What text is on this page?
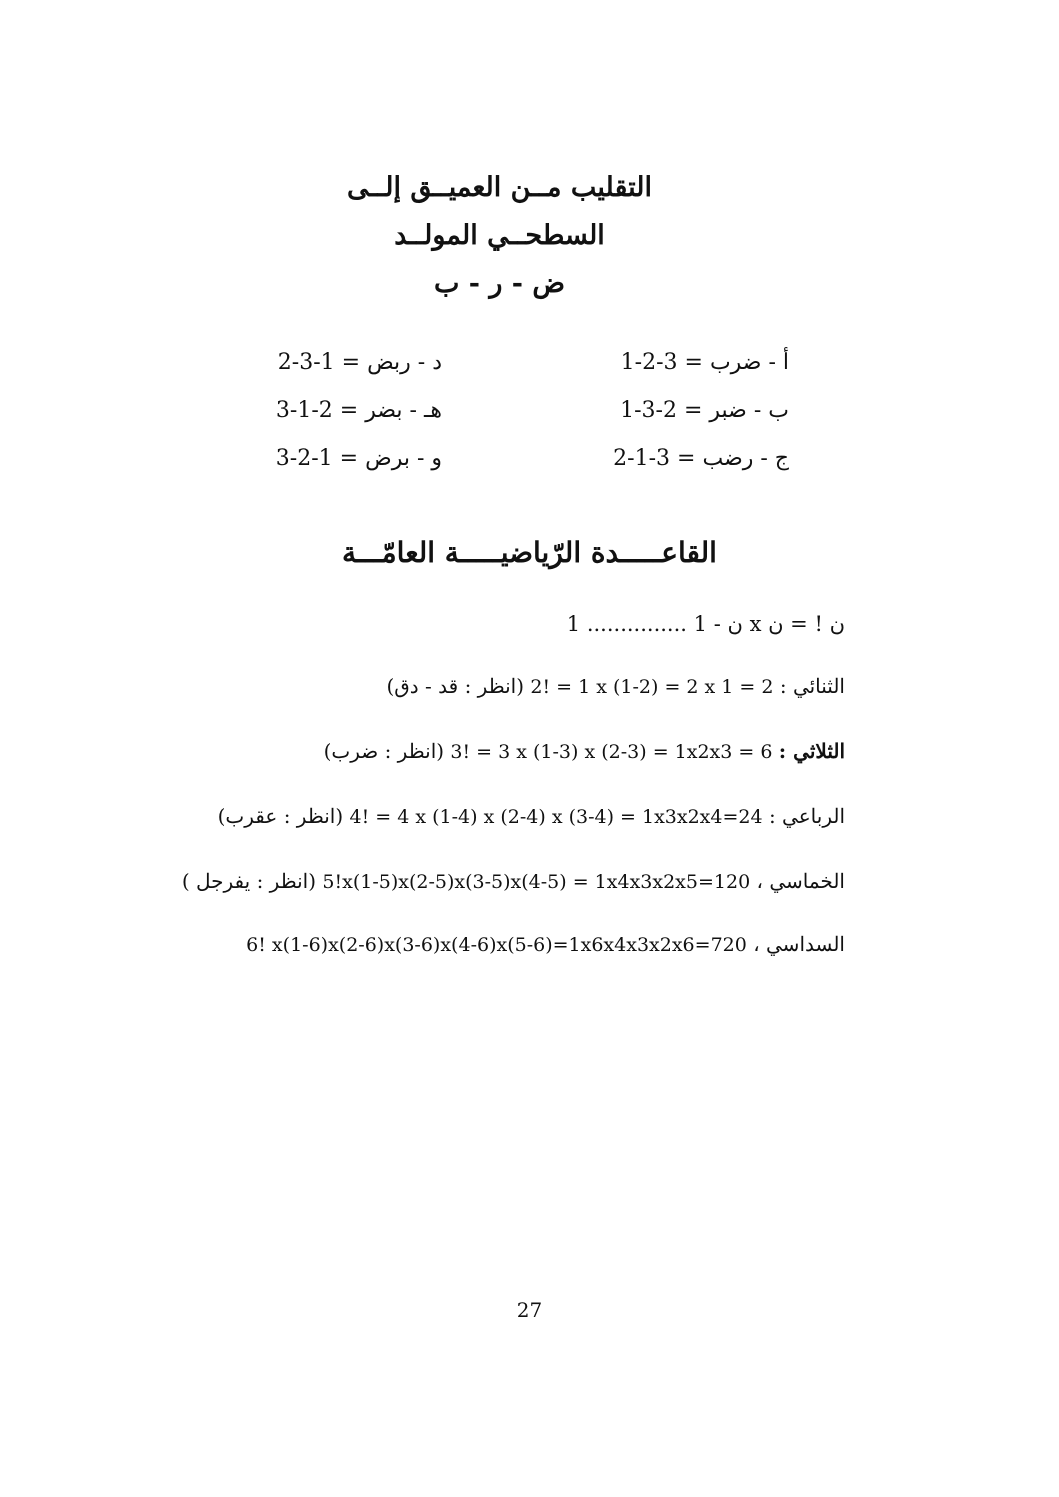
التقليب مــن العميــق إلــى
السطحــي المولــد
ض - ر - ب
أ - ضرب = 3-2-1
ب - ضبر = 2-3-1
ج - رضب = 3-1-2
د - ربض = 1-3-2
هـ - بضر = 2-1-3
و - برض = 1-2-3
القاعـــــدة الرّياضيـــــة العامّـــة
ن ! = ن x ن - 1 ............... 1
الثنائي : 2! = 1 x (1-2) = 2 x 1 = 2 (انظر : قد - دق)
الثلاثي : 3! = 3 x (1-3) x (2-3) = 1x2x3 = 6 (انظر : ضرب)
الرباعي : 4! = 4 x (1-4) x (2-4) x (3-4) = 1x3x2x4=24 (انظر : عقرب)
الخماسي ، 5!x(1-5)x(2-5)x(3-5)x(4-5) = 1x4x3x2x5=120 (انظر : يفرجل )
السداسي ، 6! x(1-6)x(2-6)x(3-6)x(4-6)x(5-6)=1x6x4x3x2x6=720
27
